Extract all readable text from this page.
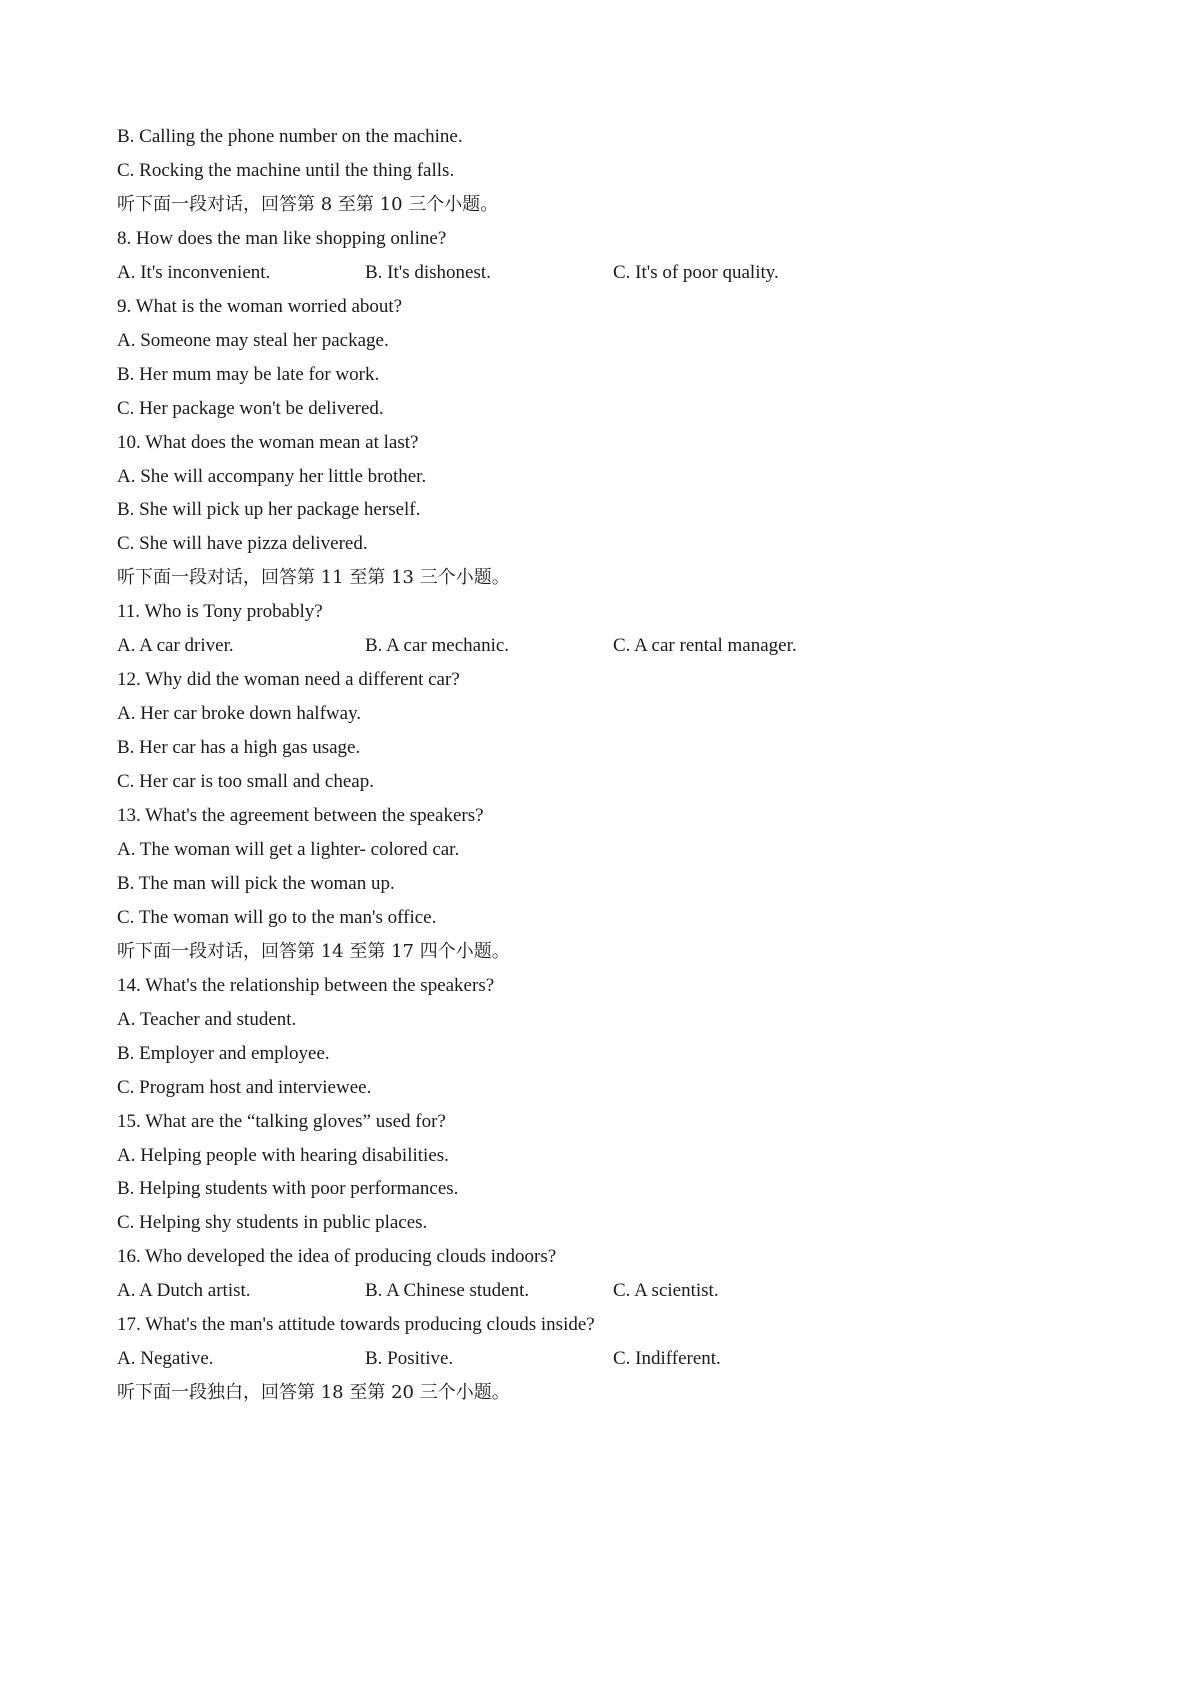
B. Calling the phone number on the machine.
C. Rocking the machine until the thing falls.
听下面一段对话，回答第 8 至第 10 三个小题。
8. How does the man like shopping online?
A. It's inconvenient.	B. It's dishonest.	C. It's of poor quality.
9. What is the woman worried about?
A. Someone may steal her package.
B. Her mum may be late for work.
C. Her package won't be delivered.
10. What does the woman mean at last?
A. She will accompany her little brother.
B. She will pick up her package herself.
C. She will have pizza delivered.
听下面一段对话，回答第 11 至第 13 三个小题。
11. Who is Tony probably?
A. A car driver.	B. A car mechanic.	C. A car rental manager.
12. Why did the woman need a different car?
A. Her car broke down halfway.
B. Her car has a high gas usage.
C. Her car is too small and cheap.
13. What's the agreement between the speakers?
A. The woman will get a lighter- colored car.
B. The man will pick the woman up.
C. The woman will go to the man's office.
听下面一段对话，回答第 14 至第 17 四个小题。
14. What's the relationship between the speakers?
A. Teacher and student.
B. Employer and employee.
C. Program host and interviewee.
15. What are the “talking gloves” used for?
A. Helping people with hearing disabilities.
B. Helping students with poor performances.
C. Helping shy students in public places.
16. Who developed the idea of producing clouds indoors?
A. A Dutch artist.	B. A Chinese student.	C. A scientist.
17. What's the man's attitude towards producing clouds inside?
A. Negative.	B. Positive.	C. Indifferent.
听下面一段独白，回答第 18 至第 20 三个小题。
